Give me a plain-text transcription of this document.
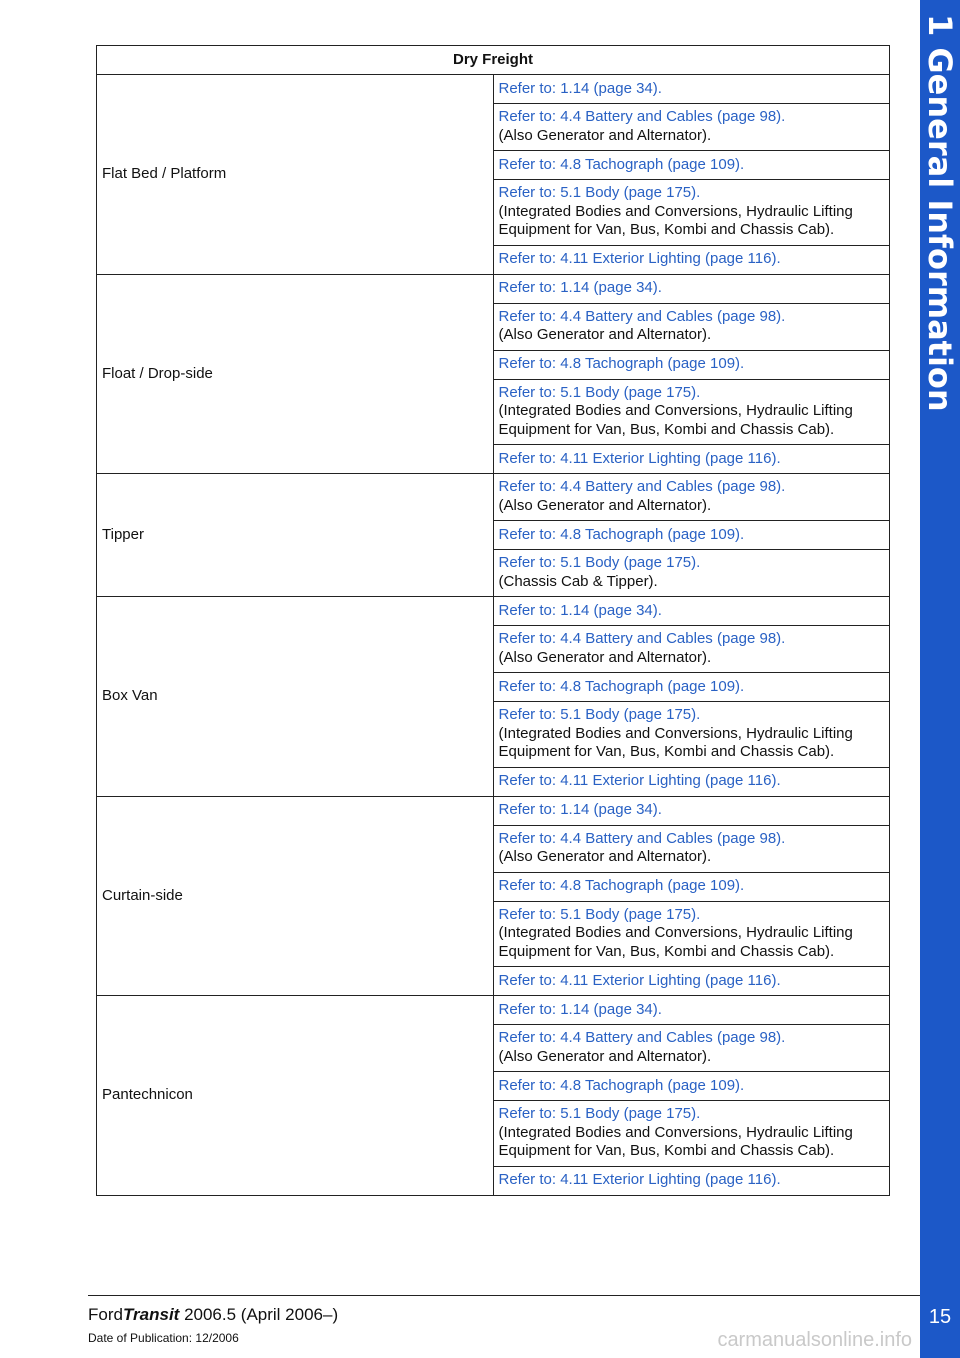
Dry Freight	
Flat Bed / Platform	Refer to: 1.14 (page 34).

	Refer to: 4.4 Battery and Cables (page 98).
(Also Generator and Alternator).

	Refer to: 4.8 Tachograph (page 109).

	Refer to: 5.1 Body (page 175).
(Integrated Bodies and Conversions, Hydraulic Lifting Equipment for Van, Bus, Kombi and Chassis Cab).

	Refer to: 4.11 Exterior Lighting (page 116).

Float / Drop-side	Refer to: 1.14 (page 34).

	Refer to: 4.4 Battery and Cables (page 98).
(Also Generator and Alternator).

	Refer to: 4.8 Tachograph (page 109).

	Refer to: 5.1 Body (page 175).
(Integrated Bodies and Conversions, Hydraulic Lifting Equipment for Van, Bus, Kombi and Chassis Cab).

	Refer to: 4.11 Exterior Lighting (page 116).

Tipper	Refer to: 4.4 Battery and Cables (page 98).
(Also Generator and Alternator).

	Refer to: 4.8 Tachograph (page 109).

	Refer to: 5.1 Body (page 175).
(Chassis Cab & Tipper).

Box Van	Refer to: 1.14 (page 34).

	Refer to: 4.4 Battery and Cables (page 98).
(Also Generator and Alternator).

	Refer to: 4.8 Tachograph (page 109).

	Refer to: 5.1 Body (page 175).
(Integrated Bodies and Conversions, Hydraulic Lifting Equipment for Van, Bus, Kombi and Chassis Cab).

	Refer to: 4.11 Exterior Lighting (page 116).

Curtain-side	Refer to: 1.14 (page 34).

	Refer to: 4.4 Battery and Cables (page 98).
(Also Generator and Alternator).

	Refer to: 4.8 Tachograph (page 109).

	Refer to: 5.1 Body (page 175).
(Integrated Bodies and Conversions, Hydraulic Lifting Equipment for Van, Bus, Kombi and Chassis Cab).

	Refer to: 4.11 Exterior Lighting (page 116).

Pantechnicon	Refer to: 1.14 (page 34).

	Refer to: 4.4 Battery and Cables (page 98).
(Also Generator and Alternator).

	Refer to: 4.8 Tachograph (page 109).

	Refer to: 5.1 Body (page 175).
(Integrated Bodies and Conversions, Hydraulic Lifting Equipment for Van, Bus, Kombi and Chassis Cab).

	Refer to: 4.11 Exterior Lighting (page 116).
1 General Information
15
FordTransit 2006.5 (April 2006–)
Date of Publication: 12/2006	carmanualsonline.info
